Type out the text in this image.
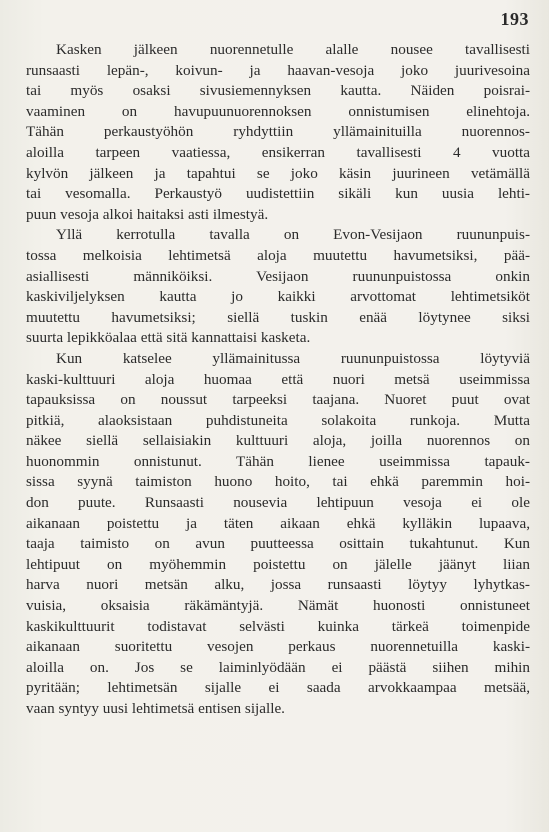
193
Kasken jälkeen nuorennetulle alalle nousee tavallisesti
runsaasti lepän-, koivun- ja haavan-vesoja joko juurivesoina
tai myös osaksi sivusiemennyksen kautta. Näiden poisrai-
vaaminen on havupuunuorennoksen onnistumisen elinehtoja.
Tähän perkaustyöhön ryhdyttiin yllämainituilla nuorennos-
aloilla tarpeen vaatiessa, ensikerran tavallisesti 4 vuotta
kylvön jälkeen ja tapahtui se joko käsin juurineen vetämällä
tai vesomalla. Perkaustyö uudistettiin sikäli kun uusia lehti-
puun vesoja alkoi haitaksi asti ilmestyä.
Yllä kerrotulla tavalla on Evon-Vesijaon ruununpuis-
tossa melkoisia lehtimetsä aloja muutettu havumetsiksi, pää-
asiallisesti männiköiksi. Vesijaon ruununpuistossa onkin
kaskiviljelyksen kautta jo kaikki arvottomat lehtimetsiköt
muutettu havumetsiksi; siellä tuskin enää löytynee siksi
suurta lepikköalaa että sitä kannattaisi kasketa.
Kun katselee yllämainitussa ruununpuistossa löytyviä
kaski-kulttuuri aloja huomaa että nuori metsä useimmissa
tapauksissa on noussut tarpeeksi taajana. Nuoret puut ovat
pitkiä, alaoksistaan puhdistuneita solakoita runkoja. Mutta
näkee siellä sellaisiakin kulttuuri aloja, joilla nuorennos on
huonommin onnistunut. Tähän lienee useimmissa tapauk-
sissa syynä taimiston huono hoito, tai ehkä paremmin hoi-
don puute. Runsaasti nousevia lehtipuun vesoja ei ole
aikanaan poistettu ja täten aikaan ehkä kylläkin lupaava,
taaja taimisto on avun puutteessa osittain tukahtunut. Kun
lehtipuut on myöhemmin poistettu on jälelle jäänyt liian
harva nuori metsän alku, jossa runsaasti löytyy lyhytkas-
vuisia, oksaisia räkämäntyjä. Nämät huonosti onnistuneet
kaskikulttuurit todistavat selvästi kuinka tärkeä toimenpide
aikanaan suoritettu vesojen perkaus nuorennetuilla kaski-
aloilla on. Jos se laiminlyödään ei päästä siihen mihin
pyritään; lehtimetsän sijalle ei saada arvokkaampaa metsää,
vaan syntyy uusi lehtimetsä entisen sijalle.
